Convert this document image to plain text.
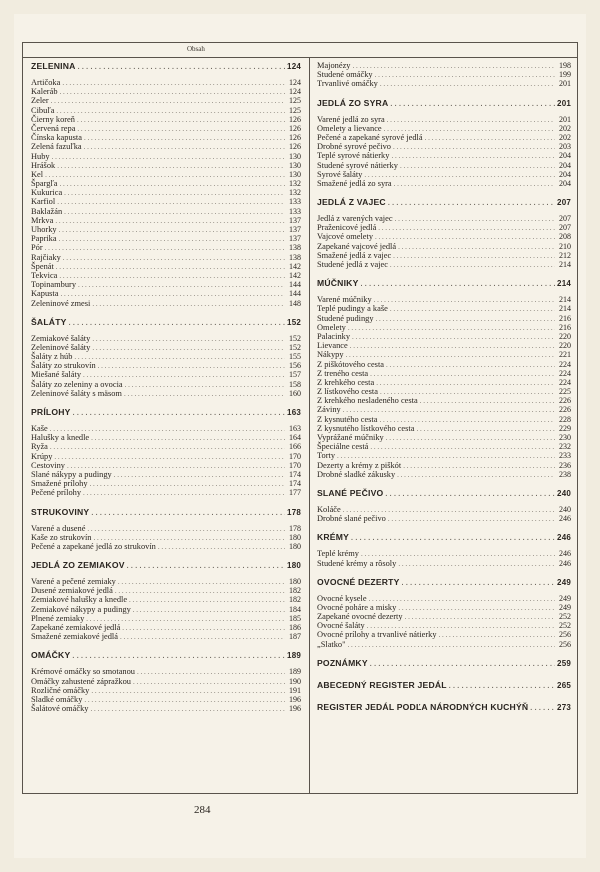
Obsah
ZELENINA . . .	124
Artičoka . . .	124
Kaleráb . . .	124
Zeler . . .	125
Cibuľa . . .	125
Čierny koreň . . .	126
Červená repa . . .	126
Čínska kapusta . . .	126
Zelená fazuľka . . .	126
Huby . . .	130
Hrášok . . .	130
Kel . . .	130
Špargľa . . .	132
Kukurica . . .	132
Karfiol . . .	133
Baklažán . . .	133
Mrkva . . .	137
Uhorky . . .	137
Paprika . . .	137
Pór . . .	138
Rajčiaky . . .	138
Špenát . . .	142
Tekvica . . .	142
Topinambury . . .	144
Kapusta . . .	144
Zeleninové zmesi . . .	148
ŠALÁTY . . .	152
Zemiakové šaláty . . .	152
Zeleninové šaláty . . .	152
Šaláty z húb . . .	155
Šaláty zo strukovín . . .	156
Miešané šaláty . . .	157
Šaláty zo zeleniny a ovocia . . .	158
Zeleninové šaláty s mäsom . . .	160
PRÍLOHY . . .	163
Kaše . . .	163
Halušky a knedle . . .	164
Ryža . . .	166
Krúpy . . .	170
Cestoviny . . .	170
Slané nákypy a pudingy . . .	174
Smažené prílohy . . .	174
Pečené prílohy . . .	177
STRUKOVINY . . .	178
Varené a dusené . . .	178
Kaše zo strukovín . . .	180
Pečené a zapekané jedlá zo strukovín . . .	180
JEDLÁ ZO ZEMIAKOV . . .	180
Varené a pečené zemiaky . . .	180
Dusené zemiakové jedlá . . .	182
Zemiakové halušky a knedle . . .	182
Zemiakové nákypy a pudingy . . .	184
Plnené zemiaky . . .	185
Zapekané zemiakové jedlá . . .	186
Smažené zemiakové jedlá . . .	187
OMÁČKY . . .	189
Krémové omáčky so smotanou . . .	189
Omáčky zahustené zápražkou . . .	190
Rozličné omáčky . . .	191
Sladké omáčky . . .	196
Šalátové omáčky . . .	196
Majonézy . . .	198
Studené omáčky . . .	199
Trvanlivé omáčky . . .	201
JEDLÁ ZO SYRA . . .	201
Varené jedlá zo syra . . .	201
Omelety a lievance . . .	202
Pečené a zapekané syrové jedlá . . .	202
Drobné syrové pečivo . . .	203
Teplé syrové nátierky . . .	204
Studené syrové nátierky . . .	204
Syrové šaláty . . .	204
Smažené jedlá zo syra . . .	204
JEDLÁ Z VAJEC . . .	207
Jedlá z varených vajec . . .	207
Praženicové jedlá . . .	207
Vajcové omelety . . .	208
Zapekané vajcové jedlá . . .	210
Smažené jedlá z vajec . . .	212
Studené jedlá z vajec . . .	214
MÚČNIKY . . .	214
Varené múčniky . . .	214
Teplé pudingy a kaše . . .	214
Studené pudingy . . .	216
Omelety . . .	216
Palacinky . . .	220
Lievance . . .	220
Nákypy . . .	221
Z piškótového cesta . . .	224
Z treného cesta . . .	224
Z krehkého cesta . . .	224
Z lístkového cesta . . .	225
Z krehkého nesladeného cesta . . .	226
Záviny . . .	226
Z kysnutého cesta . . .	228
Z kysnutého lístkového cesta . . .	229
Vyprážané múčniky . . .	230
Špeciálne cestá . . .	232
Torty . . .	233
Dezerty a krémy z piškót . . .	236
Drobné sladké zákusky . . .	238
SLANÉ PEČIVO . . .	240
Koláče . . .	240
Drobné slané pečivo . . .	246
KRÉMY . . .	246
Teplé krémy . . .	246
Studené krémy a rôsoly . . .	246
OVOCNÉ DEZERTY . . .	249
Ovocné kysele . . .	249
Ovocné poháre a misky . . .	249
Zapekané ovocné dezerty . . .	252
Ovocné šaláty . . .	252
Ovocné prílohy a trvanlivé nátierky . . .	256
„Slatko" . . .	256
POZNÁMKY . . .	259
ABECEDNÝ REGISTER JEDÁL . . .	265
REGISTER JEDÁL PODĽA NÁRODNÝCH KUCHÝŇ . . .	273
284
